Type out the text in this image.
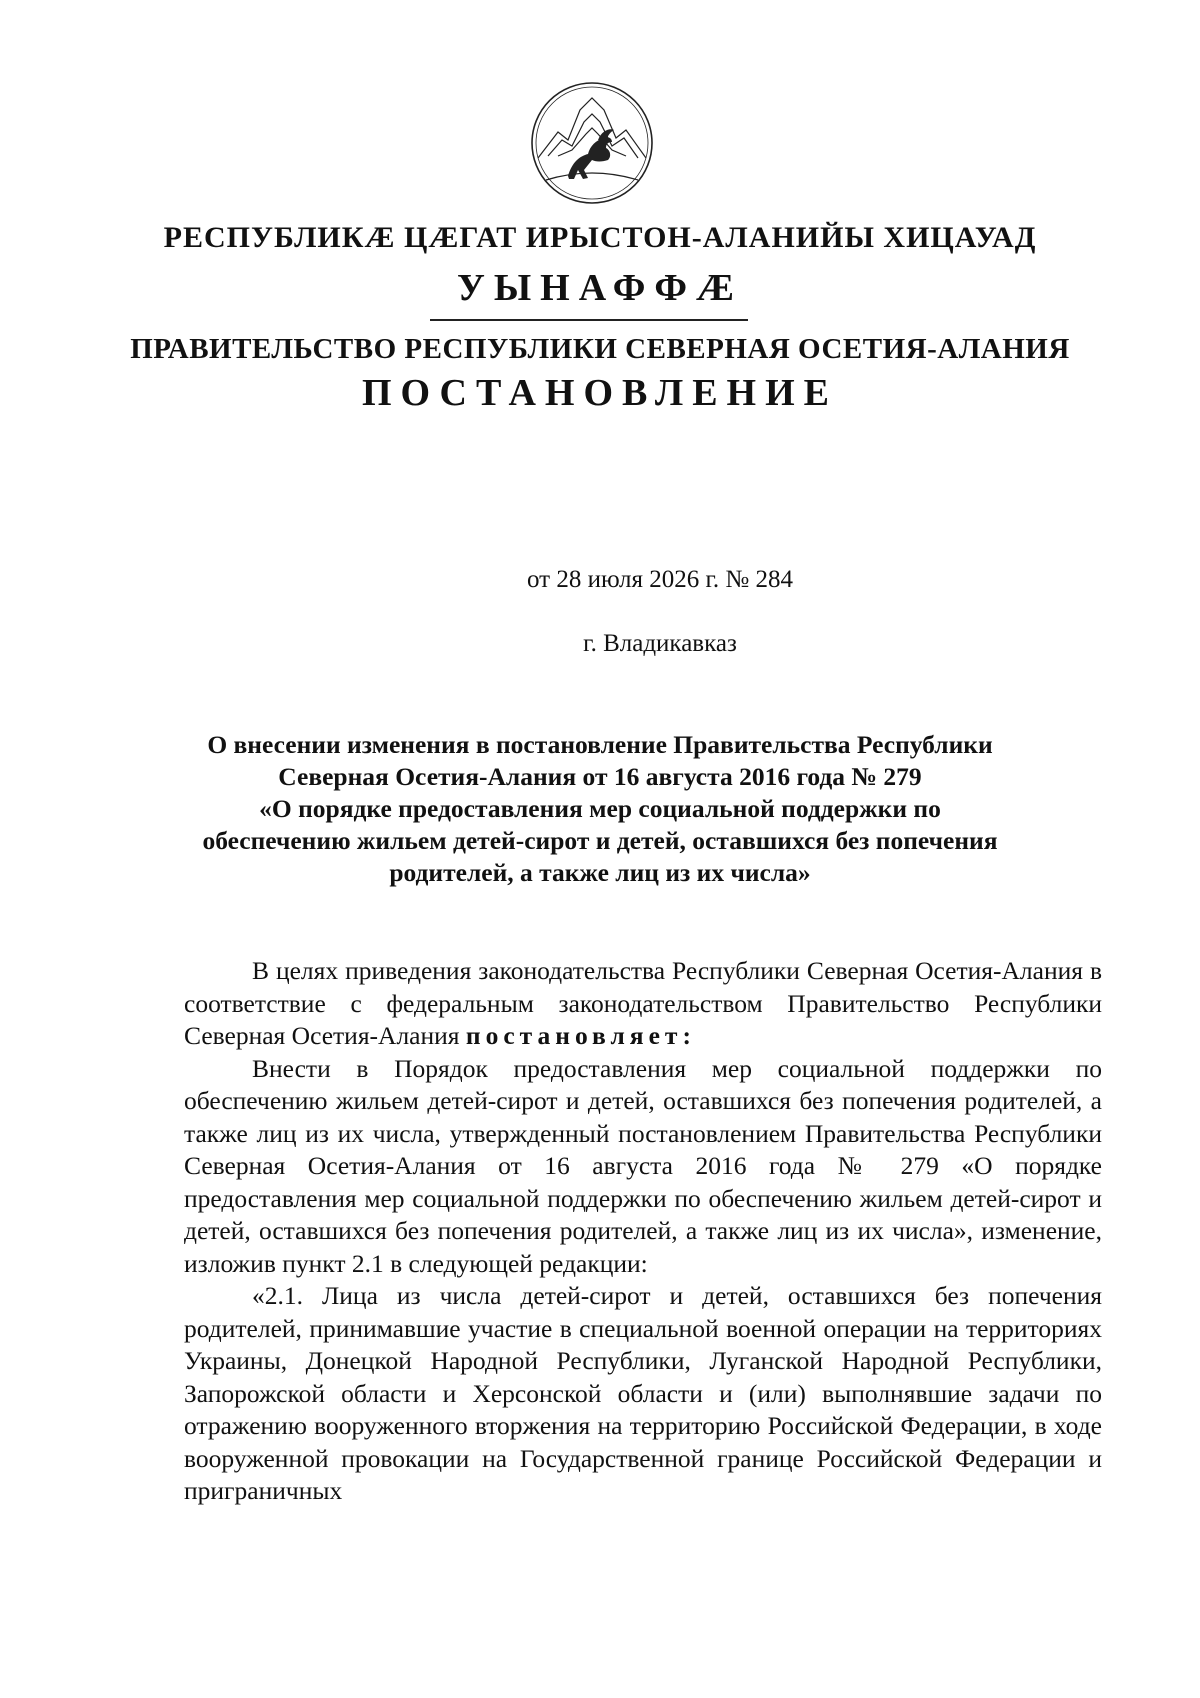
РЕСПУБЛИКӔ ЦӔГАТ ИРЫСТОН-АЛАНИЙЫ ХИЦАУАД
УЫНАФФӔ
ПРАВИТЕЛЬСТВО РЕСПУБЛИКИ СЕВЕРНАЯ ОСЕТИЯ-АЛАНИЯ
ПОСТАНОВЛЕНИЕ
от 28 июля 2026 г. № 284
г. Владикавказ
О внесении изменения в постановление Правительства Республики
Северная Осетия-Алания от 16 августа 2016 года № 279
«О порядке предоставления мер социальной поддержки по
обеспечению жильем детей-сирот и детей, оставшихся без попечения
родителей, а также лиц из их числа»

В целях приведения законодательства Республики Северная Осетия-Алания в соответствие с федеральным законодательством Правительство Республики Северная Осетия-Алания постановляет:

Внести в Порядок предоставления мер социальной поддержки по обеспечению жильем детей-сирот и детей, оставшихся без попечения родителей, а также лиц из их числа, утвержденный постановлением Правительства Республики Северная Осетия-Алания от 16 августа 2016 года № 279 «О порядке предоставления мер социальной поддержки по обеспечению жильем детей-сирот и детей, оставшихся без попечения родителей, а также лиц из их числа», изменение, изложив пункт 2.1 в следующей редакции:

«2.1. Лица из числа детей-сирот и детей, оставшихся без попечения родителей, принимавшие участие в специальной военной операции на территориях Украины, Донецкой Народной Республики, Луганской Народной Республики, Запорожской области и Херсонской области и (или) выполнявшие задачи по отражению вооруженного вторжения на территорию Российской Федерации, в ходе вооруженной провокации на Государственной границе Российской Федерации и приграничных
